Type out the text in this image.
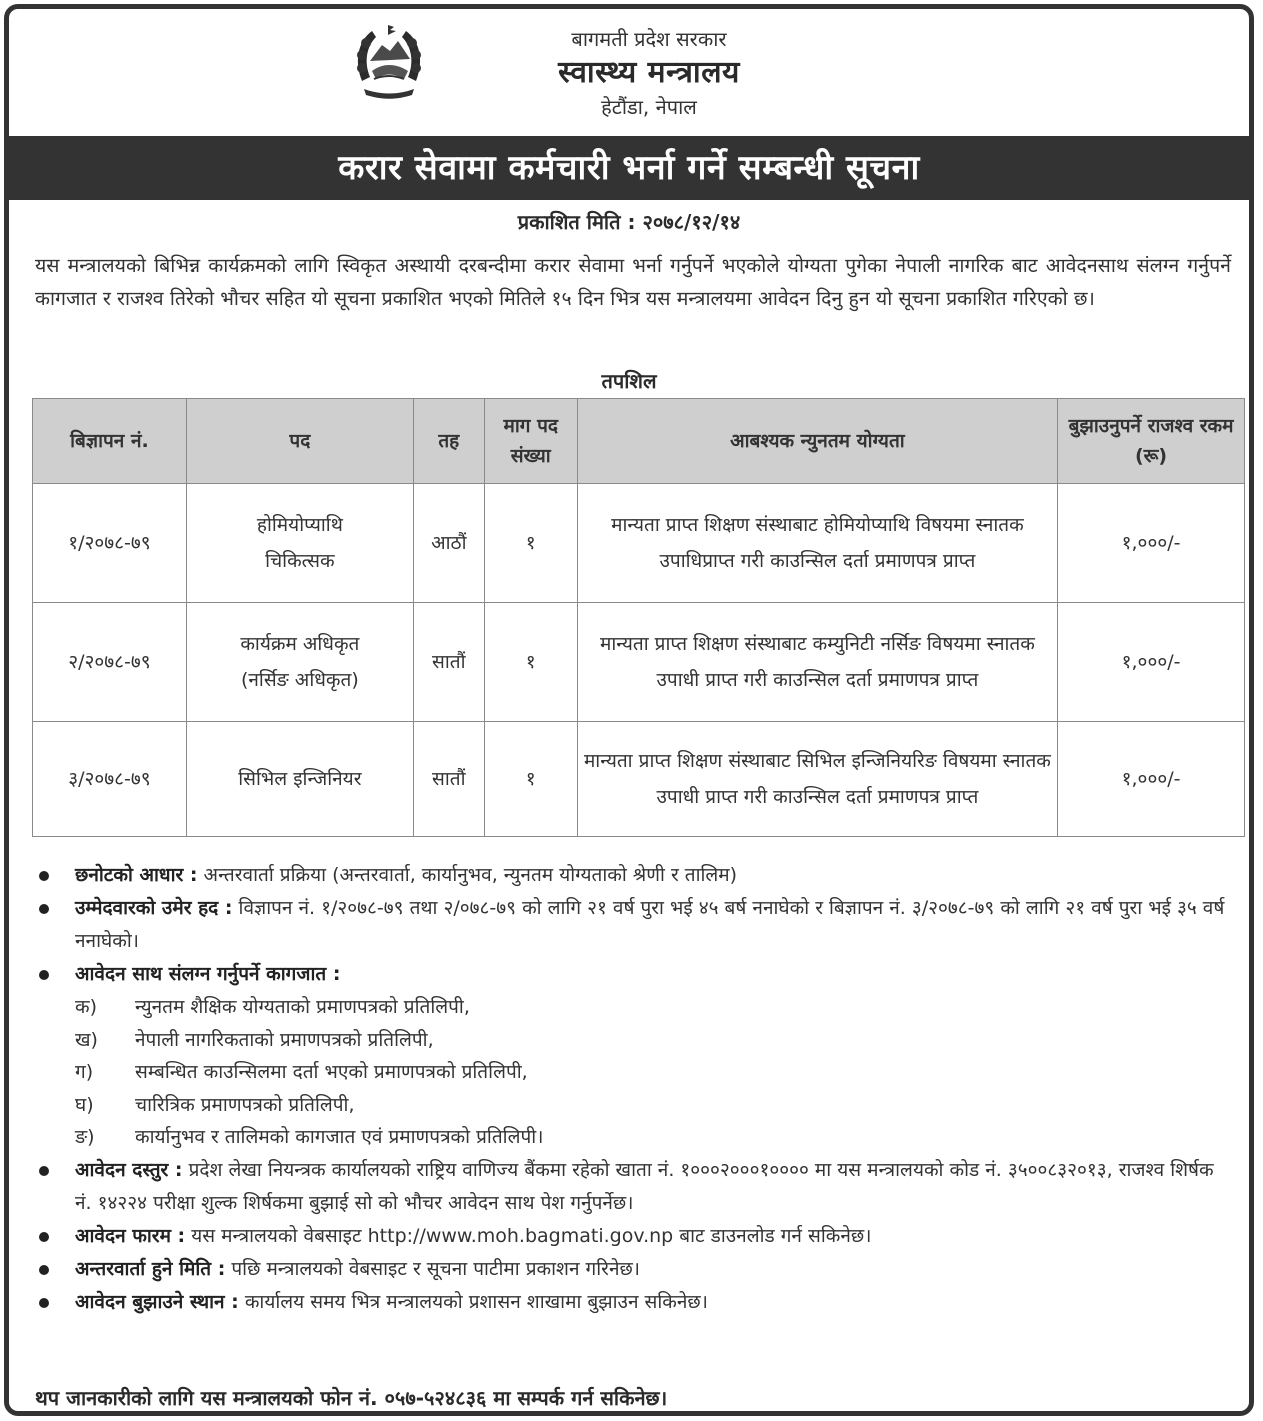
बागमती प्रदेश सरकार
स्वास्थ्य मन्त्रालय
हेटौंडा, नेपाल
करार सेवामा कर्मचारी भर्ना गर्ने सम्बन्धी सूचना
प्रकाशित मिति : २०७८/१२/१४
यस मन्त्रालयको बिभिन्न कार्यक्रमको लागि स्विकृत अस्थायी दरबन्दीमा करार सेवामा भर्ना गर्नुपर्ने भएकोले योग्यता पुगेका नेपाली नागरिक बाट आवेदनसाथ संलग्न गर्नुपर्ने कागजात र राजश्व तिरेको भौचर सहित यो सूचना प्रकाशित भएको मितिले १५ दिन भित्र यस मन्त्रालयमा आवेदन दिनु हुन यो सूचना प्रकाशित गरिएको छ।
तपशिल
बिज्ञापन नं.	पद	तह	माग पद संख्या	आबश्यक न्युनतम योग्यता	बुझाउनुपर्ने राजश्व रकम (रू)
१/२०७८-७९	होमियोप्याथि चिकित्सक	आठौं	१	मान्यता प्राप्त शिक्षण संस्थाबाट होमियोप्याथि विषयमा स्नातक उपाधिप्राप्त गरी काउन्सिल दर्ता प्रमाणपत्र प्राप्त	१,०००/-
२/२०७८-७९	कार्यक्रम अधिकृत (नर्सिङ अधिकृत)	सातौं	१	मान्यता प्राप्त शिक्षण संस्थाबाट कम्युनिटी नर्सिङ विषयमा स्नातक उपाधी प्राप्त गरी काउन्सिल दर्ता प्रमाणपत्र प्राप्त	१,०००/-
३/२०७८-७९	सिभिल इन्जिनियर	सातौं	१	मान्यता प्राप्त शिक्षण संस्थाबाट सिभिल इन्जिनियरिङ विषयमा स्नातक उपाधी प्राप्त गरी काउन्सिल दर्ता प्रमाणपत्र प्राप्त	१,०००/-
छनोटको आधार : अन्तरवार्ता प्रक्रिया (अन्तरवार्ता, कार्यानुभव, न्युनतम योग्यताको श्रेणी र तालिम)
उम्मेदवारको उमेर हद : विज्ञापन नं. १/२०७८-७९ तथा २/०७८-७९ को लागि २१ वर्ष पुरा भई ४५ बर्ष ननाघेको र बिज्ञापन नं. ३/२०७८-७९ को लागि २१ वर्ष पुरा भई ३५ वर्ष ननाघेको।
आवेदन साथ संलग्न गर्नुपर्ने कागजात :
क) न्युनतम शैक्षिक योग्यताको प्रमाणपत्रको प्रतिलिपी,
ख) नेपाली नागरिकताको प्रमाणपत्रको प्रतिलिपी,
ग) सम्बन्धित काउन्सिलमा दर्ता भएको प्रमाणपत्रको प्रतिलिपी,
घ) चारित्रिक प्रमाणपत्रको प्रतिलिपी,
ङ) कार्यानुभव र तालिमको कागजात एवं प्रमाणपत्रको प्रतिलिपी।
आवेदन दस्तुर : प्रदेश लेखा नियन्त्रक कार्यालयको राष्ट्रिय वाणिज्य बैंकमा रहेको खाता नं. १०००२०००१०००० मा यस मन्त्रालयको कोड नं. ३५००८३२०१३, राजश्व शिर्षक नं. १४२२४ परीक्षा शुल्क शिर्षकमा बुझाई सो को भौचर आवेदन साथ पेश गर्नुपर्नेछ।
आवेदन फारम : यस मन्त्रालयको वेबसाइट http://www.moh.bagmati.gov.np बाट डाउनलोड गर्न सकिनेछ।
अन्तरवार्ता हुने मिति : पछि मन्त्रालयको वेबसाइट र सूचना पाटीमा प्रकाशन गरिनेछ।
आवेदन बुझाउने स्थान : कार्यालय समय भित्र मन्त्रालयको प्रशासन शाखामा बुझाउन सकिनेछ।
थप जानकारीको लागि यस मन्त्रालयको फोन नं. ०५७-५२४८३६ मा सम्पर्क गर्न सकिनेछ।
